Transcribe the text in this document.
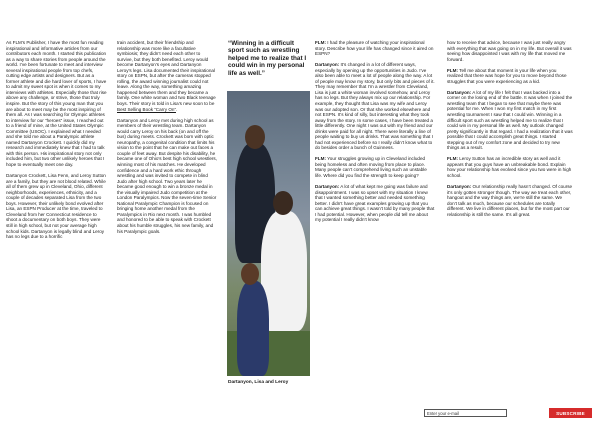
As FLM’s Publisher, I have the most fun reading inspirational and informative articles from our contributors each month. I started this publication as a way to share stories from people around the world. I’ve been fortunate to meet and interview several inspirational people from top chefs, cutting edge artists and designers. But as a former athlete and die hard lover of sports, I have to admit my sweet spot is when it comes to my interviews with athletes. Especially those that rise above any challenge, or strive, those that truly inspire. But the story of this young man that you are about to meet may be the most inspiring of them all. As I was searching for Olympic athletes to interview for our “heroes” issue, I reached out to a friend of mine, at the United States Olympic Committee (USOC). I explained what I needed and she told me about a Paralympic athlete named Dartanyon Crockett. I quickly did my research and immediately knew that I had to talk with this person. His inspirational story not only included him, but two other unlikely heroes that I hope to eventually meet one day.

Dartanyon Crockett, Lisa Fenn, and Leroy Sutton are a family, but they are not blood related. While all of them grew up in Cleveland, Ohio, different neighborhoods, experiences, ethnicity, and a couple of decades separated Lisa from the two boys. However, their unlikely bond evolved after Lisa, an ESPN Producer at the time, traveled to Cleveland from her Connecticut residence to shoot a documentary on both boys. They were still in high school, but not your average high school kids. Dartanyon is legally blind and Leroy has no legs due to a horrific

train accident, but their friendship and relationship was more like a facultative symbiosis; they didn’t need each other to survive, but they both benefited. Leroy would become Dartanyon’s eyes and Dartanyon Leroy’s legs. Lisa documented their inspirational story on ESPN, but after the cameras stopped rolling, the award winning journalist could not leave. Along the way, something amazing happened between them and they became a family. One white woman and two Black teenage boys. Their story is told in Lisa’s new soon to be Best Selling Book “Carry On”.

Dartanyon and Leroy met during high school as members of their wrestling team. Dartanyon would carry Leroy on his back (on and off the bus) during meets. Crockett was born with optic neuropathy, a congenital condition that limits his vision to the point that he can make out faces a couple of feet away. But despite his disability, he became one of Ohio’s best high school wrestlers, winning most of his matches. He developed confidence and a hard work ethic through wrestling and was invited to compete in blind Judo after high school. Two years later he became good enough to win a bronze medal in the visually impaired Judo competition at the London Paralympics. Now the seven-time Senior National Paralympic Champion is focused on bringing home another medal from the Paralympics in Rio next month. I was humbled and honored to be able to speak with Crockett about his humble struggles, his new family, and his Paralympic goals.

“Winning in a difficult sport such as wrestling helped me to realize that I could win in my personal life as well.”
Dartanyon, Lisa and Leroy

FLM: I had the pleasure of watching your inspirational story. Describe how your life has changed since it aired on ESPN?

Dartanyon: It’s changed in a lot of different ways, especially by opening up the opportunities in Judo. I’ve also been able to meet a lot of people along the way. A lot of people may know my story, but only bits and pieces of it. They may remember that I’m a wrestler from Cleveland, Lisa is just a white woman involved somehow, and Leroy has no legs. But they always mix up our relationship. For example, they thought that Lisa was my wife and Leroy was our adopted son. Or that she worked elsewhere and not ESPN. It’s kind of silly, but interesting what they took away from the story. In some cases, I have been treated a little differently. One night I was out with my friend and our drinks were paid for all night. There were literally a line of people waiting to buy us drinks. That was something that I had not experienced before so I really didn’t know what to do besides order a bunch of Guinness.

FLM: Your struggles growing up in Cleveland included being homeless and often moving from place to place. Many people can’t comprehend living such an unstable life. Where did you find the strength to keep going?

Dartanyon: A lot of what kept me going was failure and disappointment. I was so upset with my situation I knew that I wanted something better and needed something better. I didn’t have great examples growing up that you can achieve great things. I wasn’t told by many people that I had potential. However, when people did tell me about my potential I really didn’t know

how to receive that advice, because I was just really angry with everything that was going on in my life. But overall it was seeing how disappointed I was with my life that moved me forward.

FLM: Tell me about that moment in your life when you realized that there was hope for you to move beyond those struggles that you were experiencing as a kid.

Dartanyon: A lot of my life I felt that I was backed into a corner on the losing end of the battle. It was when I joined the wrestling team that I began to see that maybe there was potential for me. When I won my first match in my first wrestling tournament I saw that I could win. Winning in a difficult sport such as wrestling helped me to realize that I could win in my personal life as well. My outlook changed pretty significantly in that regard. I had a realization that it was possible that I could accomplish great things. I started stepping out of my comfort zone and decided to try new things as a result.

FLM: Leroy Sutton has an incredible story as well and it appears that you guys have an unbreakable bond. Explain how your relationship has evolved since you two were in high school.

Dartanyon: Our relationship really hasn’t changed. Of course it’s only gotten stronger though. The way we treat each other, hangout and the way things are, we’re still the same. We don’t talk as much, because our schedules are totally different. We live in different places, but for the most part our relationship is still the same. It’s all great.

Enter your e-mail
SUBSCRIBE
